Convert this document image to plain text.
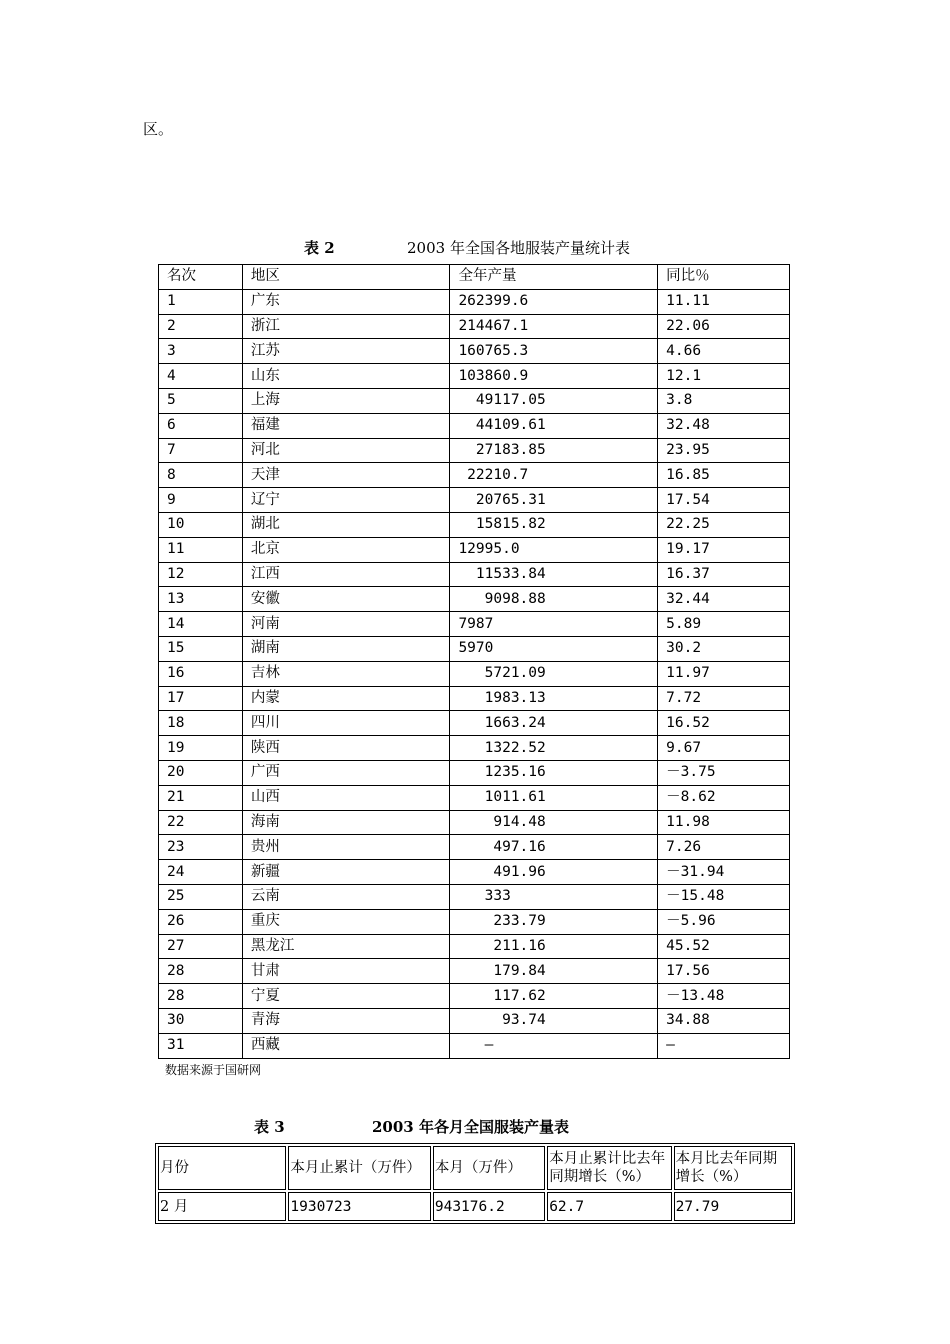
区。
表 2	2003 年全国各地服装产量统计表
名次	地区	全年产量	同比％
1	广东	262399.6	11.11
2	浙江	214467.1	22.06
3	江苏	160765.3	4.66
4	山东	103860.9	12.1
5	上海	49117.05	3.8
6	福建	44109.61	32.48
7	河北	27183.85	23.95
8	天津	22210.7	16.85
9	辽宁	20765.31	17.54
10	湖北	15815.82	22.25
11	北京	12995.0	19.17
12	江西	11533.84	16.37
13	安徽	9098.88	32.44
14	河南	7987	5.89
15	湖南	5970	30.2
16	吉林	5721.09	11.97
17	内蒙	1983.13	7.72
18	四川	1663.24	16.52
19	陕西	1322.52	9.67
20	广西	1235.16	－3.75
21	山西	1011.61	－8.62
22	海南	914.48	11.98
23	贵州	497.16	7.26
24	新疆	491.96	－31.94
25	云南	333	－15.48
26	重庆	233.79	－5.96
27	黑龙江	211.16	45.52
28	甘肃	179.84	17.56
28	宁夏	117.62	－13.48
30	青海	93.74	34.88
31	西藏	—	—
数据来源于国研网
表 3	2003 年各月全国服装产量表
月份	本月止累计（万件）	本月（万件）	本月止累计比去年同期增长（%）	本月比去年同期增长（%）
2 月	1930723	943176.2	62.7	27.79
